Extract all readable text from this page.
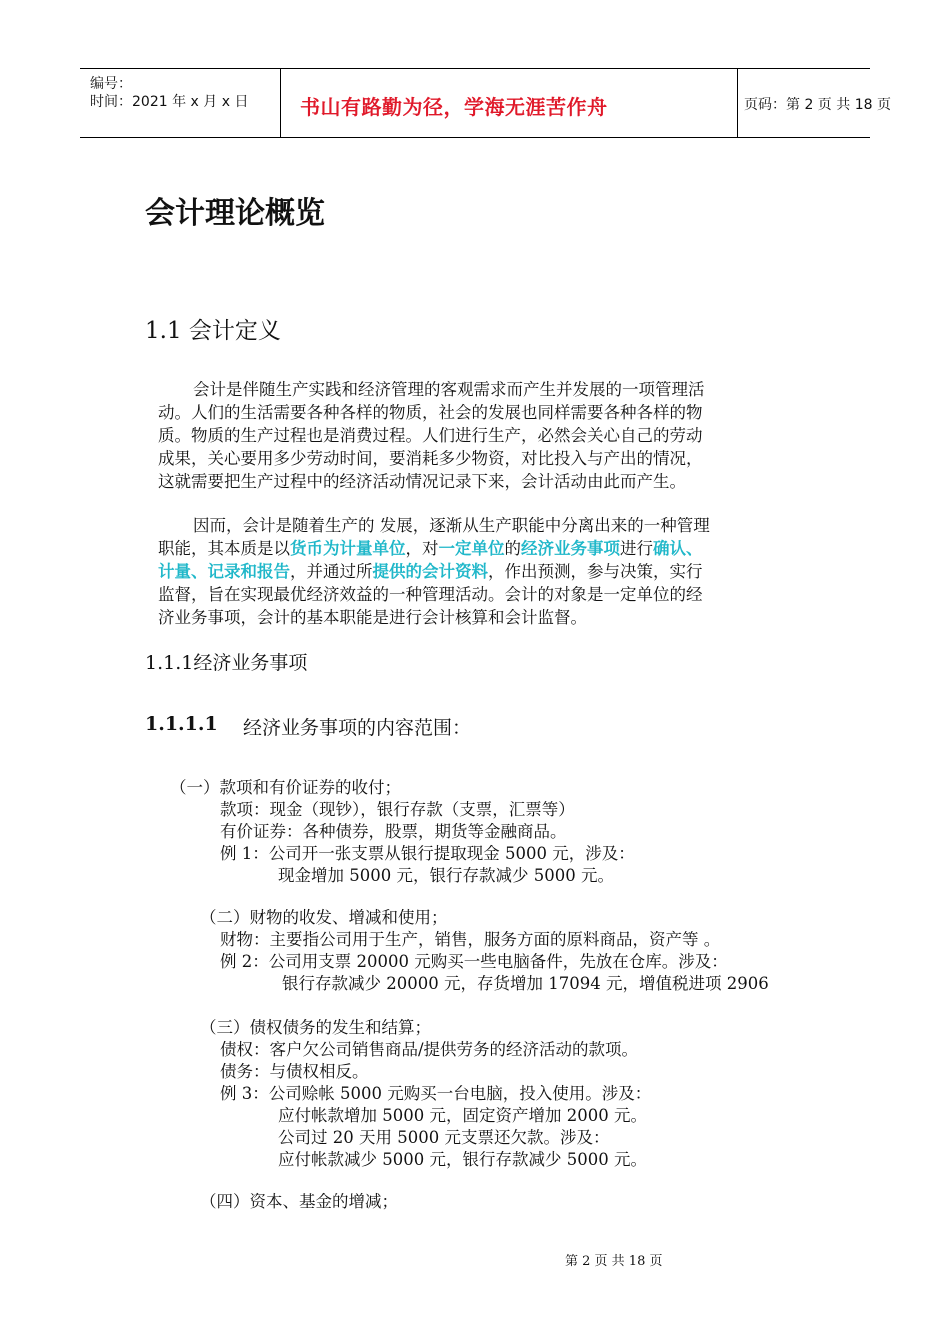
编号：
时间：2021 年 x 月 x 日	书山有路勤为径，学海无涯苦作舟	页码：第 2 页 共 18 页
会计理论概览
1.1 会计定义
会计是伴随生产实践和经济管理的客观需求而产生并发展的一项管理活
动。人们的生活需要各种各样的物质，社会的发展也同样需要各种各样的物
质。物质的生产过程也是消费过程。人们进行生产，必然会关心自己的劳动
成果，关心要用多少劳动时间，要消耗多少物资，对比投入与产出的情况，
这就需要把生产过程中的经济活动情况记录下来，会计活动由此而产生。
因而，会计是随着生产的 发展，逐渐从生产职能中分离出来的一种管理
职能，其本质是以货币为计量单位，对一定单位的经济业务事项进行确认、
计量、记录和报告，并通过所提供的会计资料，作出预测，参与决策，实行
监督，旨在实现最优经济效益的一种管理活动。会计的对象是一定单位的经
济业务事项，会计的基本职能是进行会计核算和会计监督。
1.1.1经济业务事项
1.1.1.1 经济业务事项的内容范围：
（一）款项和有价证券的收付；
款项：现金（现钞），银行存款（支票，汇票等）
有价证券：各种债券，股票，期货等金融商品。
例 1：公司开一张支票从银行提取现金 5000 元，涉及：
现金增加 5000 元，银行存款减少 5000 元。
（二）财物的收发、增减和使用；
财物：主要指公司用于生产，销售，服务方面的原料商品，资产等 。
例 2：公司用支票 20000 元购买一些电脑备件，先放在仓库。涉及：
银行存款减少 20000 元，存货增加 17094 元，增值税进项 2906
（三）债权债务的发生和结算；
债权：客户欠公司销售商品/提供劳务的经济活动的款项。
债务：与债权相反。
例 3：公司赊帐 5000 元购买一台电脑，投入使用。涉及：
应付帐款增加 5000 元，固定资产增加 2000 元。
公司过 20 天用 5000 元支票还欠款。涉及：
应付帐款减少 5000 元，银行存款减少 5000 元。
（四）资本、基金的增减；
第 2 页 共 18 页
